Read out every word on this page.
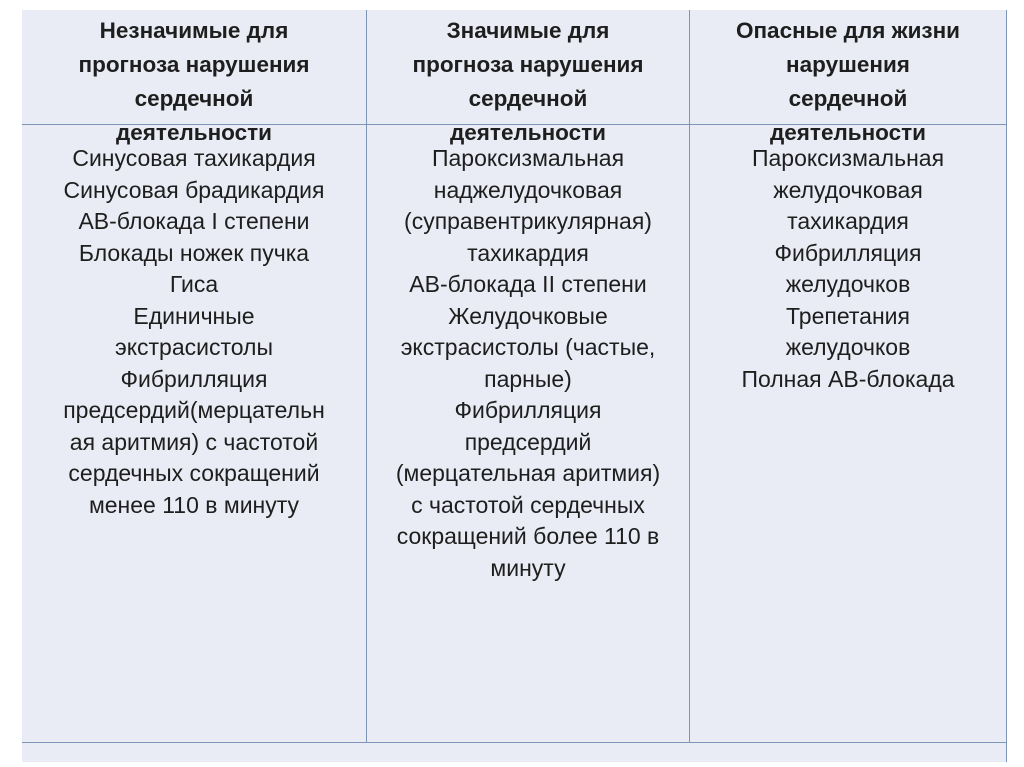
Незначимые для
прогноза нарушения
сердечной
деятельности
Синусовая тахикардия
Синусовая брадикардия
АВ-блокада I степени
Блокады ножек пучка
Гиса
Единичные
экстрасистолы
Фибрилляция
предсердий(мерцательн
ая аритмия) с частотой
сердечных сокращений
менее 110 в минуту
Значимые для
прогноза нарушения
сердечной
деятельности
Пароксизмальная
наджелудочковая
(суправентрикулярная)
тахикардия
АВ-блокада II степени
Желудочковые
экстрасистолы (частые,
парные)
Фибрилляция
предсердий
(мерцательная аритмия)
с частотой сердечных
сокращений более 110 в
минуту
Опасные для жизни
нарушения
сердечной
деятельности
Пароксизмальная
желудочковая
тахикардия
Фибрилляция
желудочков
Трепетания
желудочков
Полная АВ-блокада
